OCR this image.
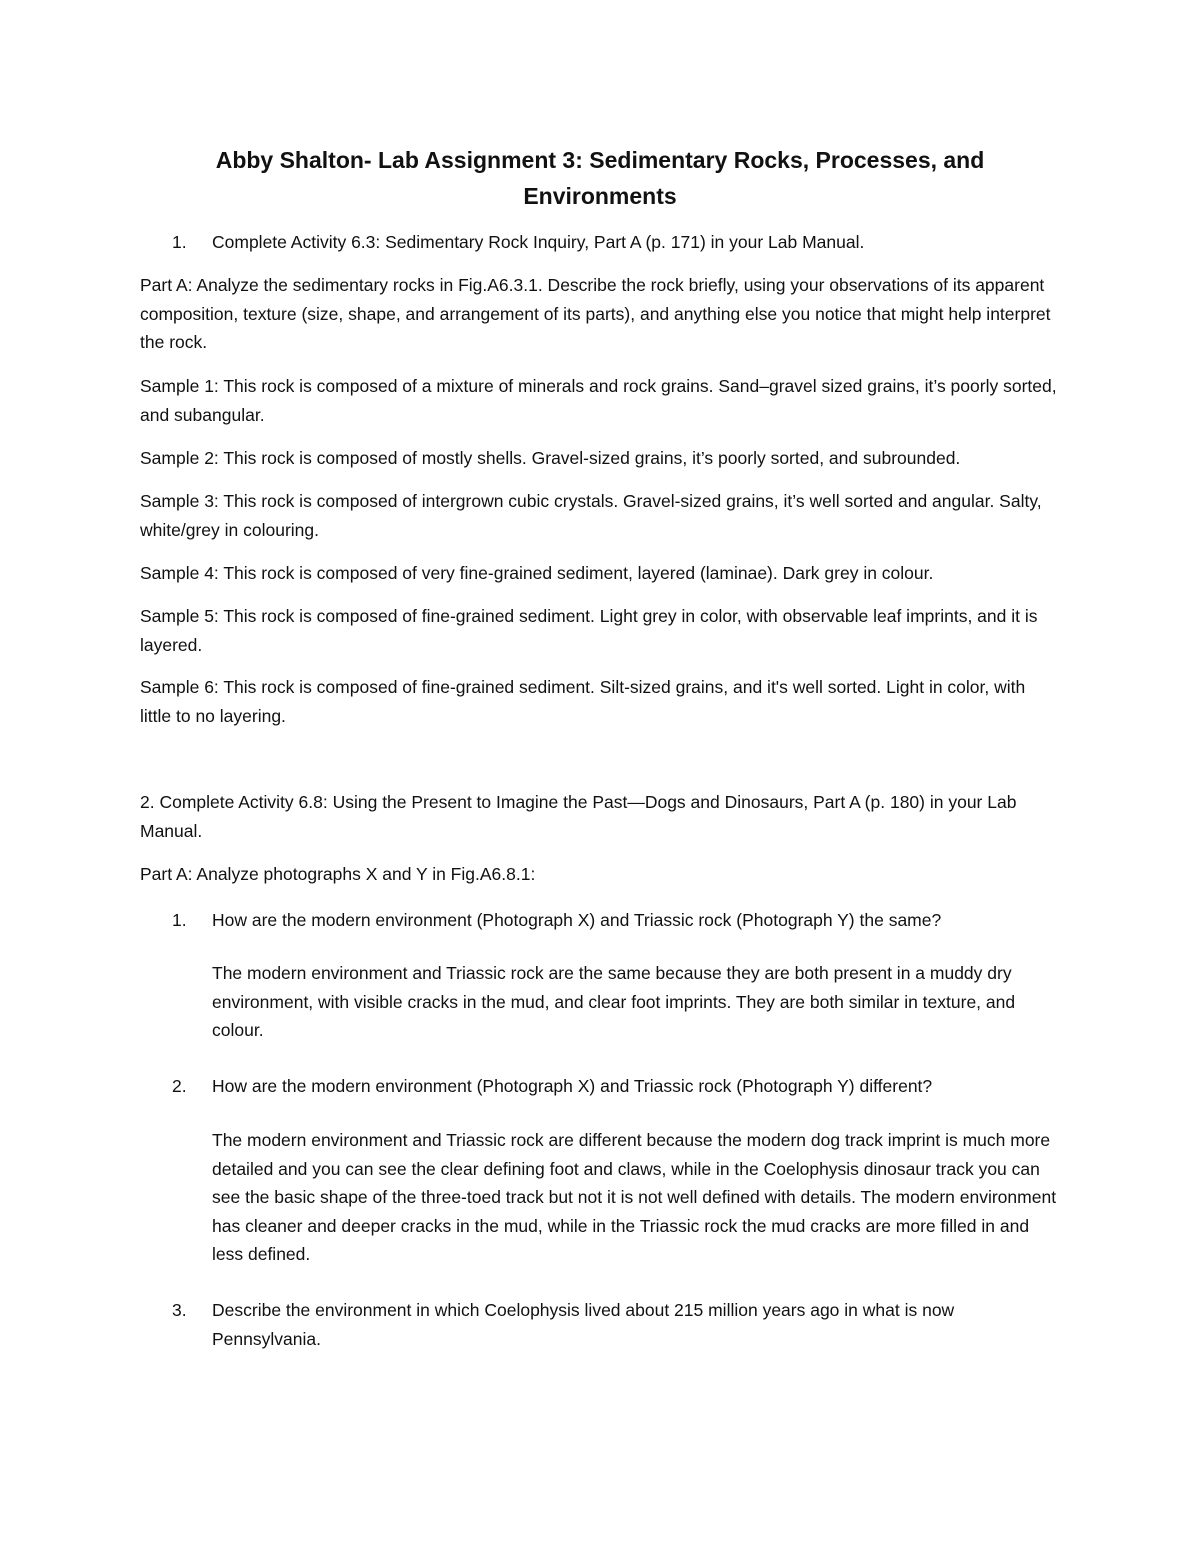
Abby Shalton- Lab Assignment 3: Sedimentary Rocks, Processes, and
Environments
1. Complete Activity 6.3: Sedimentary Rock Inquiry, Part A (p. 171) in your Lab Manual.

Part A: Analyze the sedimentary rocks in Fig.A6.3.1. Describe the rock briefly, using your observations of its apparent composition, texture (size, shape, and arrangement of its parts), and anything else you notice that might help interpret the rock.

Sample 1: This rock is composed of a mixture of minerals and rock grains. Sand–gravel sized grains, it’s poorly sorted, and subangular.

Sample 2: This rock is composed of mostly shells. Gravel-sized grains, it’s poorly sorted, and subrounded.

Sample 3: This rock is composed of intergrown cubic crystals. Gravel-sized grains, it’s well sorted and angular. Salty, white/grey in colouring.

Sample 4: This rock is composed of very fine-grained sediment, layered (laminae). Dark grey in colour.

Sample 5: This rock is composed of fine-grained sediment. Light grey in color, with observable leaf imprints, and it is layered.

Sample 6: This rock is composed of fine-grained sediment. Silt-sized grains, and it's well sorted. Light in color, with little to no layering.

2. Complete Activity 6.8: Using the Present to Imagine the Past—Dogs and Dinosaurs, Part A (p. 180) in your Lab Manual.

Part A: Analyze photographs X and Y in Fig.A6.8.1:

1. How are the modern environment (Photograph X) and Triassic rock (Photograph Y) the same?

The modern environment and Triassic rock are the same because they are both present in a muddy dry environment, with visible cracks in the mud, and clear foot imprints. They are both similar in texture, and colour.

2. How are the modern environment (Photograph X) and Triassic rock (Photograph Y) different?

The modern environment and Triassic rock are different because the modern dog track imprint is much more detailed and you can see the clear defining foot and claws, while in the Coelophysis dinosaur track you can see the basic shape of the three-toed track but not it is not well defined with details. The modern environment has cleaner and deeper cracks in the mud, while in the Triassic rock the mud cracks are more filled in and less defined.

3. Describe the environment in which Coelophysis lived about 215 million years ago in what is now Pennsylvania.
